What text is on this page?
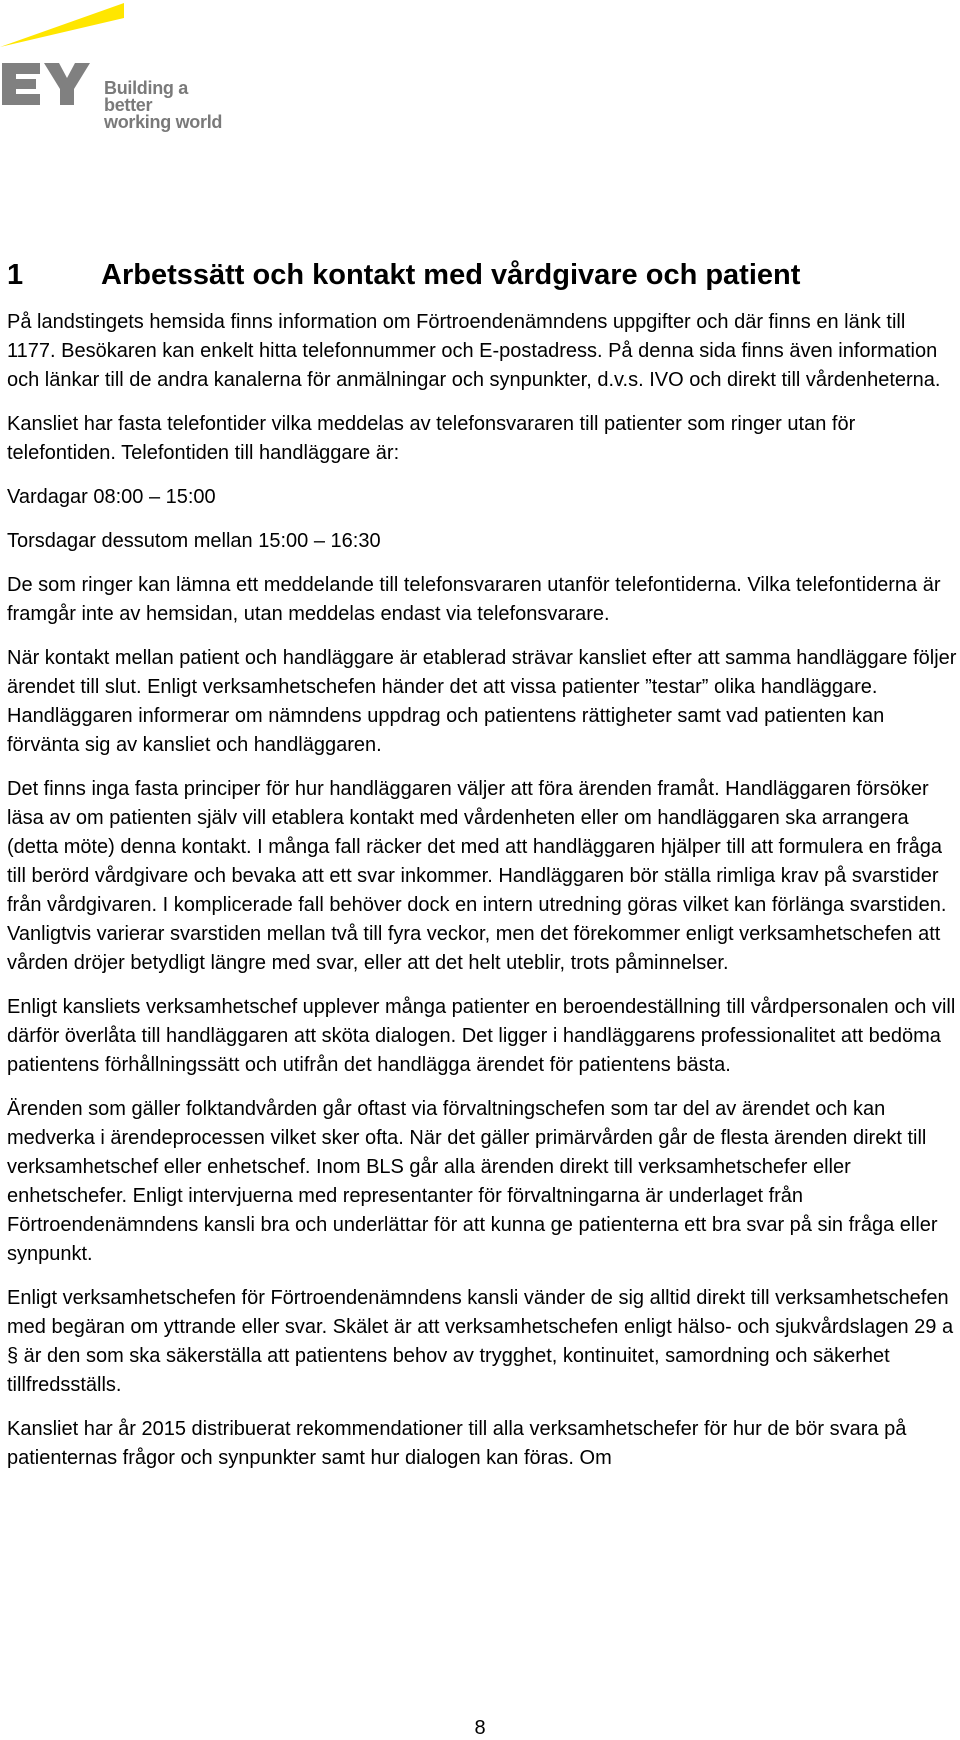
Building a better
working world
1	Arbetssätt och kontakt med vårdgivare och patient

På landstingets hemsida finns information om Förtroendenämndens uppgifter och där finns en länk till 1177. Besökaren kan enkelt hitta telefonnummer och E-postadress. På denna sida finns även information och länkar till de andra kanalerna för anmälningar och synpunkter, d.v.s. IVO och direkt till vårdenheterna.

Kansliet har fasta telefontider vilka meddelas av telefonsvararen till patienter som ringer utan för telefontiden. Telefontiden till handläggare är:

Vardagar 08:00 – 15:00

Torsdagar dessutom mellan 15:00 – 16:30

De som ringer kan lämna ett meddelande till telefonsvararen utanför telefontiderna. Vilka telefontiderna är framgår inte av hemsidan, utan meddelas endast via telefonsvarare.

När kontakt mellan patient och handläggare är etablerad strävar kansliet efter att samma handläggare följer ärendet till slut. Enligt verksamhetschefen händer det att vissa patienter ”testar” olika handläggare. Handläggaren informerar om nämndens uppdrag och patientens rättigheter samt vad patienten kan förvänta sig av kansliet och handläggaren.

Det finns inga fasta principer för hur handläggaren väljer att föra ärenden framåt. Handläggaren försöker läsa av om patienten själv vill etablera kontakt med vårdenheten eller om handläggaren ska arrangera (detta möte) denna kontakt. I många fall räcker det med att handläggaren hjälper till att formulera en fråga till berörd vårdgivare och bevaka att ett svar inkommer. Handläggaren bör ställa rimliga krav på svarstider från vårdgivaren. I komplicerade fall behöver dock en intern utredning göras vilket kan förlänga svarstiden. Vanligtvis varierar svarstiden mellan två till fyra veckor, men det förekommer enligt verksamhetschefen att vården dröjer betydligt längre med svar, eller att det helt uteblir, trots påminnelser.

Enligt kansliets verksamhetschef upplever många patienter en beroendeställning till vårdpersonalen och vill därför överlåta till handläggaren att sköta dialogen. Det ligger i handläggarens professionalitet att bedöma patientens förhållningssätt och utifrån det handlägga ärendet för patientens bästa.

Ärenden som gäller folktandvården går oftast via förvaltningschefen som tar del av ärendet och kan medverka i ärendeprocessen vilket sker ofta. När det gäller primärvården går de flesta ärenden direkt till verksamhetschef eller enhetschef. Inom BLS går alla ärenden direkt till verksamhetschefer eller enhetschefer. Enligt intervjuerna med representanter för förvaltningarna är underlaget från Förtroendenämndens kansli bra och underlättar för att kunna ge patienterna ett bra svar på sin fråga eller synpunkt.

Enligt verksamhetschefen för Förtroendenämndens kansli vänder de sig alltid direkt till verksamhetschefen med begäran om yttrande eller svar. Skälet är att verksamhetschefen enligt hälso- och sjukvårdslagen 29 a § är den som ska säkerställa att patientens behov av trygghet, kontinuitet, samordning och säkerhet tillfredsställs.

Kansliet har år 2015 distribuerat rekommendationer till alla verksamhetschefer för hur de bör svara på patienternas frågor och synpunkter samt hur dialogen kan föras. Om

8
